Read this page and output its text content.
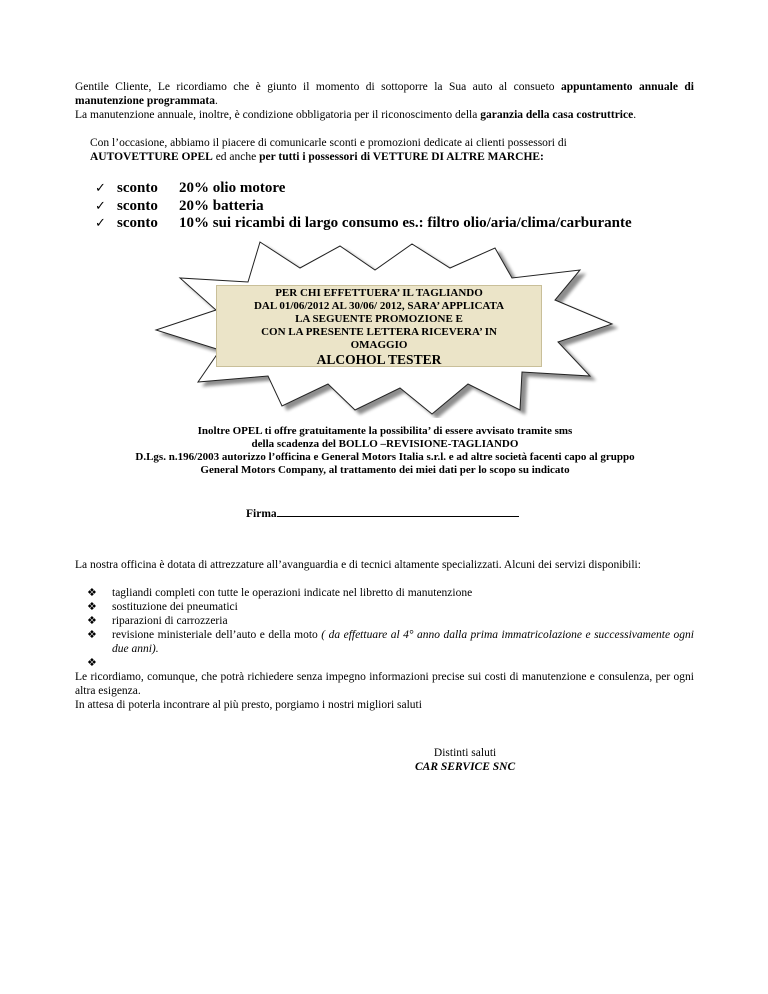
Gentile Cliente, Le ricordiamo che è giunto il momento di sottoporre la Sua auto al consueto appuntamento annuale di manutenzione programmata.
La manutenzione annuale, inoltre, è condizione obbligatoria per il riconoscimento della garanzia della casa costruttrice.
Con l’occasione, abbiamo il piacere di comunicarle sconti e promozioni dedicate ai clienti possessori di
AUTOVETTURE OPEL ed anche per tutti i possessori di VETTURE DI ALTRE MARCHE:
✓ sconto	20% olio motore
✓ sconto	20% batteria
✓ sconto	10% sui ricambi di largo consumo es.: filtro olio/aria/clima/carburante
PER CHI EFFETTUERA’ IL TAGLIANDO
DAL 01/06/2012 AL 30/06/ 2012, SARA’ APPLICATA
LA SEGUENTE PROMOZIONE E
CON LA PRESENTE LETTERA RICEVERA’ IN
OMAGGIO
ALCOHOL TESTER
Inoltre OPEL ti offre gratuitamente la possibilita’ di essere avvisato tramite sms
della scadenza del BOLLO –REVISIONE-TAGLIANDO
D.Lgs. n.196/2003 autorizzo l’officina e General Motors Italia s.r.l. e ad altre società facenti capo al gruppo
General Motors Company, al trattamento dei miei dati per lo scopo su indicato
Firma
La nostra officina è dotata di attrezzature all’avanguardia e di tecnici altamente specializzati. Alcuni dei servizi disponibili:
❖	tagliandi completi con tutte le operazioni indicate nel libretto di manutenzione
❖	sostituzione dei pneumatici
❖	riparazioni di carrozzeria
❖	revisione ministeriale dell’auto e della moto ( da effettuare al 4° anno dalla prima immatricolazione e successivamente ogni due anni).
❖
Le ricordiamo, comunque, che potrà richiedere senza impegno informazioni precise sui costi di manutenzione e consulenza, per ogni altra esigenza.
In attesa di poterla incontrare al più presto, porgiamo i nostri migliori saluti
Distinti saluti
CAR SERVICE SNC
